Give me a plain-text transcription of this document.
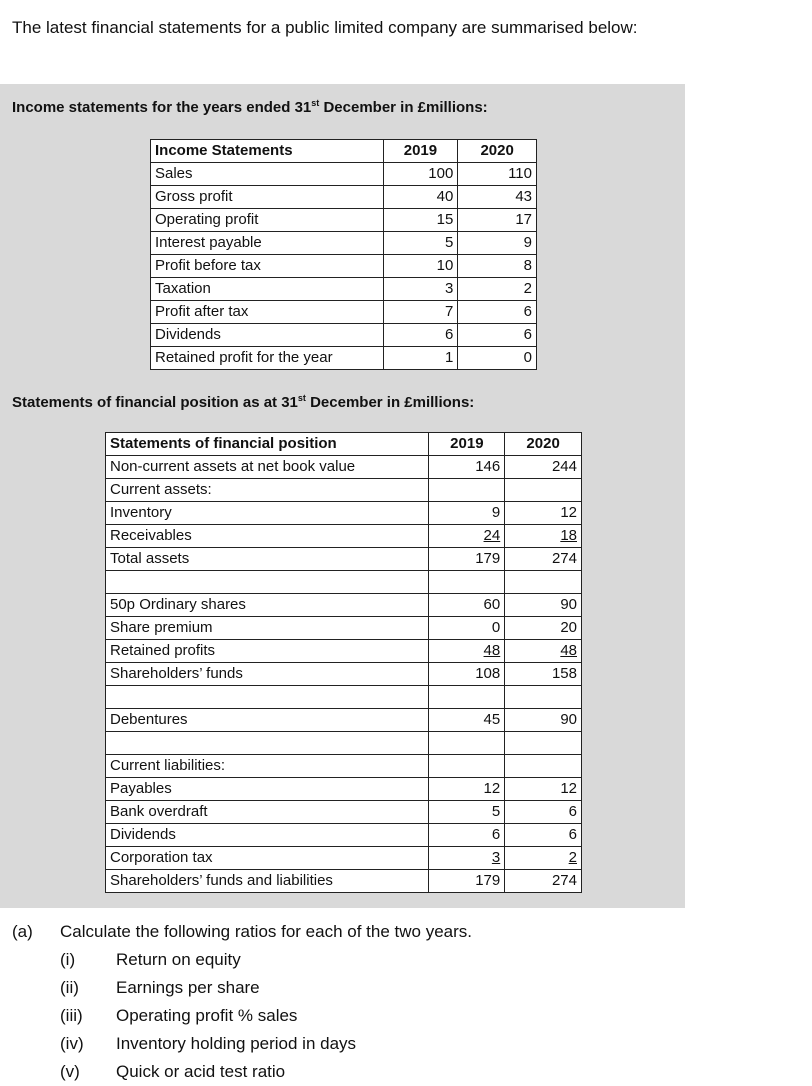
The latest financial statements for a public limited company are summarised below:
Income statements for the years ended 31st December in £millions:
Income Statements	2019	2020
Sales	100	110
Gross profit	40	43
Operating profit	15	17
Interest payable	5	9
Profit before tax	10	8
Taxation	3	2
Profit after tax	7	6
Dividends	6	6
Retained profit for the year	1	0
Statements of financial position as at 31st December in £millions:
Statements of financial position	2019	2020
Non-current assets at net book value	146	244
Current assets:		
Inventory	9	12
Receivables	24	18
Total assets	179	274

50p Ordinary shares	60	90
Share premium	0	20
Retained profits	48	48
Shareholders’ funds	108	158

Debentures	45	90

Current liabilities:		
Payables	12	12
Bank overdraft	5	6
Dividends	6	6
Corporation tax	3	2
Shareholders’ funds and liabilities	179	274
(a) Calculate the following ratios for each of the two years.
(i) Return on equity
(ii) Earnings per share
(iii) Operating profit % sales
(iv) Inventory holding period in days
(v) Quick or acid test ratio
